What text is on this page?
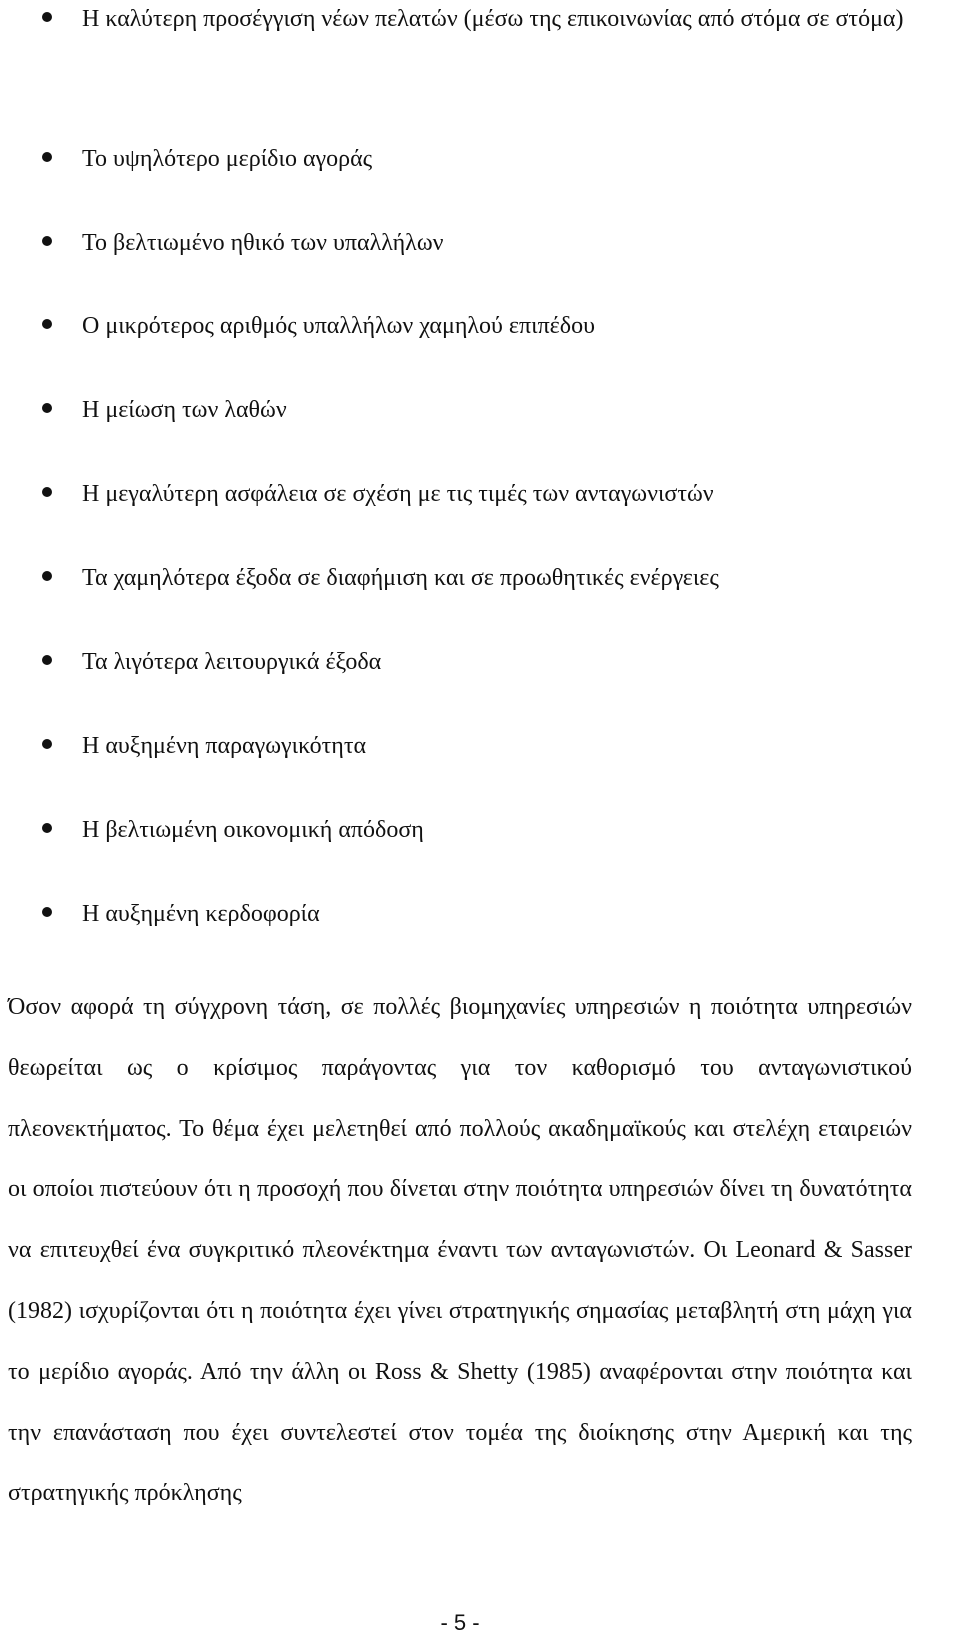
Η καλύτερη προσέγγιση νέων πελατών (μέσω της επικοινωνίας από στόμα σε στόμα)
Το υψηλότερο μερίδιο αγοράς
Το βελτιωμένο ηθικό των υπαλλήλων
Ο μικρότερος αριθμός υπαλλήλων χαμηλού επιπέδου
Η μείωση των λαθών
Η μεγαλύτερη ασφάλεια σε σχέση με τις τιμές των ανταγωνιστών
Τα χαμηλότερα έξοδα σε διαφήμιση και σε προωθητικές ενέργειες
Τα λιγότερα λειτουργικά έξοδα
Η αυξημένη παραγωγικότητα
Η βελτιωμένη οικονομική απόδοση
Η αυξημένη κερδοφορία

Όσον αφορά τη σύγχρονη τάση, σε πολλές βιομηχανίες υπηρεσιών η ποιότητα υπηρεσιών θεωρείται ως ο κρίσιμος παράγοντας για τον καθορισμό του ανταγωνιστικού πλεονεκτήματος. Το θέμα έχει μελετηθεί από πολλούς ακαδημαϊκούς και στελέχη εταιρειών οι οποίοι πιστεύουν ότι η προσοχή που δίνεται στην ποιότητα υπηρεσιών δίνει τη δυνατότητα να επιτευχθεί ένα συγκριτικό πλεονέκτημα έναντι των ανταγωνιστών. Οι Leonard & Sasser (1982) ισχυρίζονται ότι η ποιότητα έχει γίνει στρατηγικής σημασίας μεταβλητή στη μάχη για το μερίδιο αγοράς. Από την άλλη οι Ross & Shetty (1985) αναφέρονται στην ποιότητα και την επανάσταση που έχει συντελεστεί στον τομέα της διοίκησης στην Αμερική και της στρατηγικής πρόκλησης

- 5 -
